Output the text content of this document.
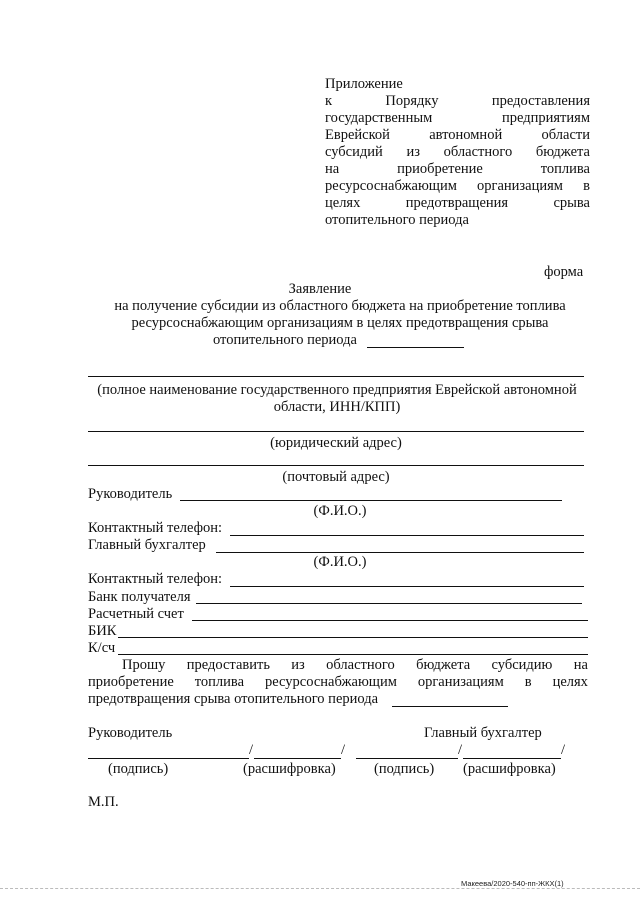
Приложение
к	Порядку	предоставления
государственным	предприятиям
Еврейской	автономной	области
субсидий из областного бюджета
на	приобретение	топлива
ресурсоснабжающим организациям в
целях	предотвращения	срыва
отопительного периода
форма
Заявление
на получение субсидии из областного бюджета на приобретение топлива
ресурсоснабжающим организациям в целях предотвращения срыва
отопительного периода
(полное наименование государственного предприятия Еврейской автономной
области, ИНН/КПП)
(юридический адрес)
(почтовый адрес)
Руководитель
(Ф.И.О.)
Контактный телефон:
Главный бухгалтер
(Ф.И.О.)
Контактный телефон:
Банк получателя
Расчетный счет
БИК
К/сч
Прошу предоставить из областного бюджета субсидию на
приобретение топлива ресурсоснабжающим организациям в целях
предотвращения срыва отопительного периода
Руководитель	Главный бухгалтер
/	/	/	/
(подпись)	(расшифровка)	(подпись) (расшифровка)
М.П.
Макеева/2020-540-пп-ЖКХ(1)
